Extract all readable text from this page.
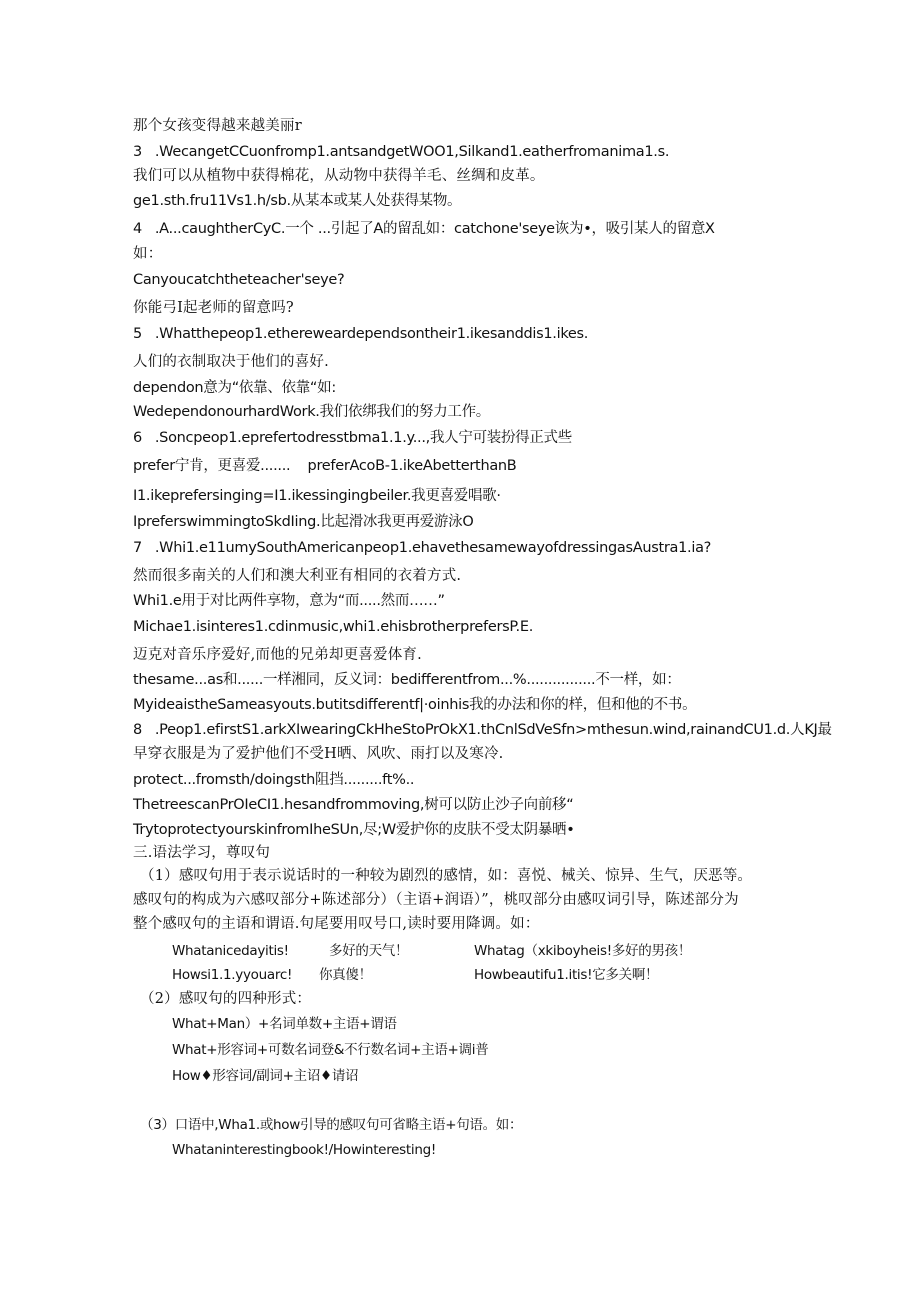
那个女孩变得越来越美丽r
3   .WecangetCCuonfromp1.antsandgetWOO1,Silkand1.eatherfromanima1.s.
我们可以从植物中获得棉花，从动物中获得羊毛、丝绸和皮革。
ge1.sth.fru11Vs1.h/sb.从某本或某人处获得某物。
4   .A...caughtherCyC.一个 ...引起了A的留乱如：catchone'seye诙为•，吸引某人的留意X
如：
Canyoucatchtheteacher'seye?
你能弓I起老师的留意吗?
5   .Whatthepeop1.etherewear​dependsontheir1.ikesanddis1.ikes.
人们的衣制取决于他们的喜好.
dependon意为“依靠、依靠“如:
WedependonourhardWork.我们依绑我们的努力工作。
6   .Soncpeop1.epreferto​dresstbma1.1.y...,我人宁可装扮得正式些
prefer宁肯，更喜爱.......    preferAcoB-1.ikeAbetterthanB
I1.ikeprefersinging=I1.ikessingingbeiler.我更喜爱唱歌·
IpreferswimmingtoSkdIing.比起滑冰我更再爱游泳O
7   .Whi1.e11umySouthAmericanpeop1.ehavethesamewayofdressingasAustra1.ia?
然而很多南关的人们和澳大利亚有相同的衣着方式.
Whi1.e用于对比两件享物，意为“而.....然而……”
Michae1.isinteres1.cdinmusic,whi1.ehisbrotherprefersP.E.
迈克对音乐序爱好,而他的兄弟却更喜爱体育.
thesame...as和......一样湘同，反义词：bedifferentfrom...%................不一样，如：
MyideaistheSameasyouts.butitsdifferentf|·oinhis我的办法和你的样，但和他的不书。
8   .Peop1.efirstS1.arkXIwearingCkHheStoPrOkX1.thCnlSdVeSfn>mthesun.wind,rainandCU1.d.人KJ最
早穿衣服是为了爱护他们不受H晒、风吹、雨打以及寒冷.
protect...fromsth/doingsth阻挡.........ft%..
ThetreescanPrOIeCI1.hesandfrommoving,树可以防止沙子向前移“
TrytoprotectyourskinfromIheSUn,尽;W爱护你的皮肤不受太阴暴晒•
三.语法学习，尊叹句
（1）感叹句用于表示说话时的一种较为剧烈的感情，如：喜悦、械关、惊异、生气，厌恶等。
感叹句的构成为六感叹部分+陈述部分）（主语+润语）”，桃叹部分由感叹词引导，陈述部分为
整个感叹句的主语和谓语.句尾要用叹号口,读时要用降调。如：
Whatanicedayitis!	多好的天气！	Whatag（xkiboyheis!多好的男孩！
Howsi1.1.yyouarc! 你真傻！	Howbeautifu1.itis!它多关啊！
（2）感叹句的四种形式：
What+Man）+名词单数+主语+谓语
What+形容词+可数名词登&不行数名词+主语+调i普
How♦形容词/副词+主诏♦请诏
（3）口语中,Wha1.或how引导的感叹句可省略主语+句语。如：
Whataninterestingbook!/Howinteresting!
